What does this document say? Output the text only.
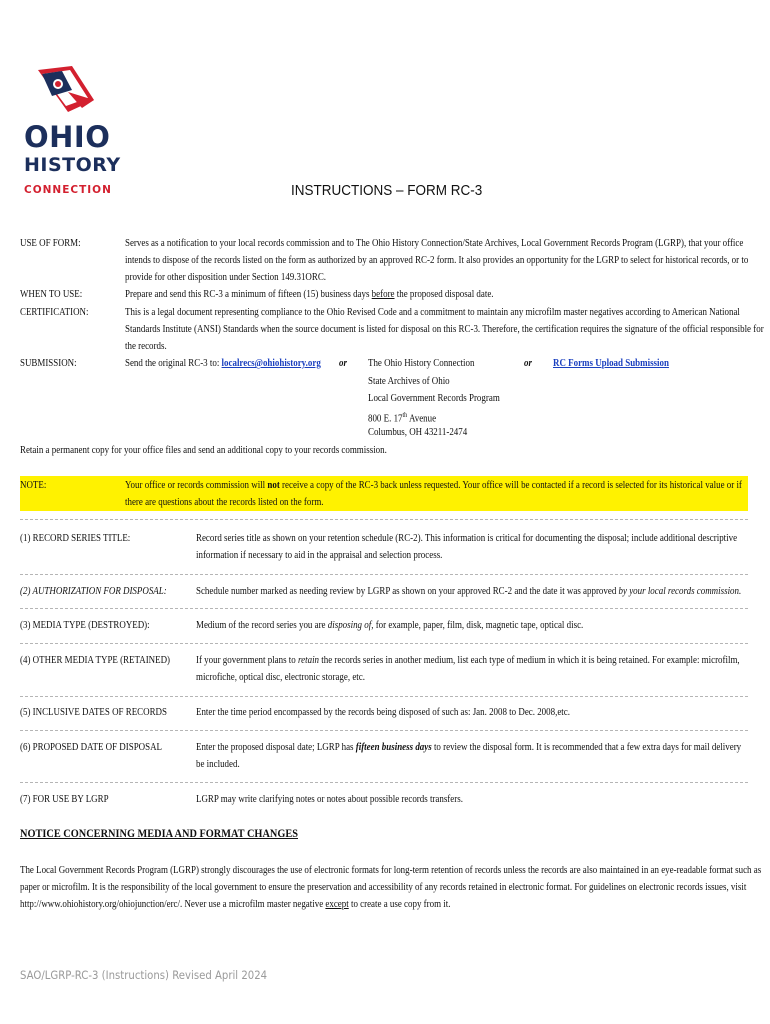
OHIO
HISTORY
CONNECTION	INSTRUCTIONS – FORM RC-3
USE OF FORM:	Serves as a notification to your local records commission and to The Ohio History Connection/State Archives, Local Government Records Program (LGRP), that your office
intends to dispose of the records listed on the form as authorized by an approved RC-2 form. It also provides an opportunity for the LGRP to select for historical records, or to
provide for other disposition under Section 149.31ORC.
WHEN TO USE:	Prepare and send this RC-3 a minimum of fifteen (15) business days before the proposed disposal date.
CERTIFICATION:	This is a legal document representing compliance to the Ohio Revised Code and a commitment to maintain any microfilm master negatives according to American National
Standards Institute (ANSI) Standards when the source document is listed for disposal on this RC-3. Therefore, the certification requires the signature of the official responsible for
the records.
SUBMISSION:	Send the original RC-3 to: localrecs@ohiohistory.org or The Ohio History Connection
State Archives of Ohio
Local Government Records Program
800 E. 17th Avenue
Columbus, OH 43211-2474
or RC Forms Upload Submission
Retain a permanent copy for your office files and send an additional copy to your records commission.
NOTE:	Your office or records commission will not receive a copy of the RC-3 back unless requested. Your office will be contacted if a record is selected for its historical value or if
there are questions about the records listed on the form.
(1) RECORD SERIES TITLE:	Record series title as shown on your retention schedule (RC-2). This information is critical for documenting the disposal; include additional descriptive
information if necessary to aid in the appraisal and selection process.
(2) AUTHORIZATION FOR DISPOSAL:	Schedule number marked as needing review by LGRP as shown on your approved RC-2 and the date it was approved by your local records commission.
(3) MEDIA TYPE (DESTROYED):	Medium of the record series you are disposing of, for example, paper, film, disk, magnetic tape, optical disc.
(4) OTHER MEDIA TYPE (RETAINED) If your government plans to retain the records series in another medium, list each type of medium in which it is being retained. For example: microfilm,
microfiche, optical disc, electronic storage, etc.
(5) INCLUSIVE DATES OF RECORDS	Enter the time period encompassed by the records being disposed of such as: Jan. 2008 to Dec. 2008,etc.
(6) PROPOSED DATE OF DISPOSAL	Enter the proposed disposal date; LGRP has fifteen business days to review the disposal form. It is recommended that a few extra days for mail delivery
be included.
(7) FOR USE BY LGRP	LGRP may write clarifying notes or notes about possible records transfers.
NOTICE CONCERNING MEDIA AND FORMAT CHANGES
The Local Government Records Program (LGRP) strongly discourages the use of electronic formats for long-term retention of records unless the records are also maintained in an eye-readable format such as
paper or microfilm. It is the responsibility of the local government to ensure the preservation and accessibility of any records retained in electronic format. For guidelines on electronic records issues, visit
http://www.ohiohistory.org/ohiojunction/erc/. Never use a microfilm master negative except to create a use copy from it.
SAO/LGRP-RC-3 (Instructions) Revised April 2024
